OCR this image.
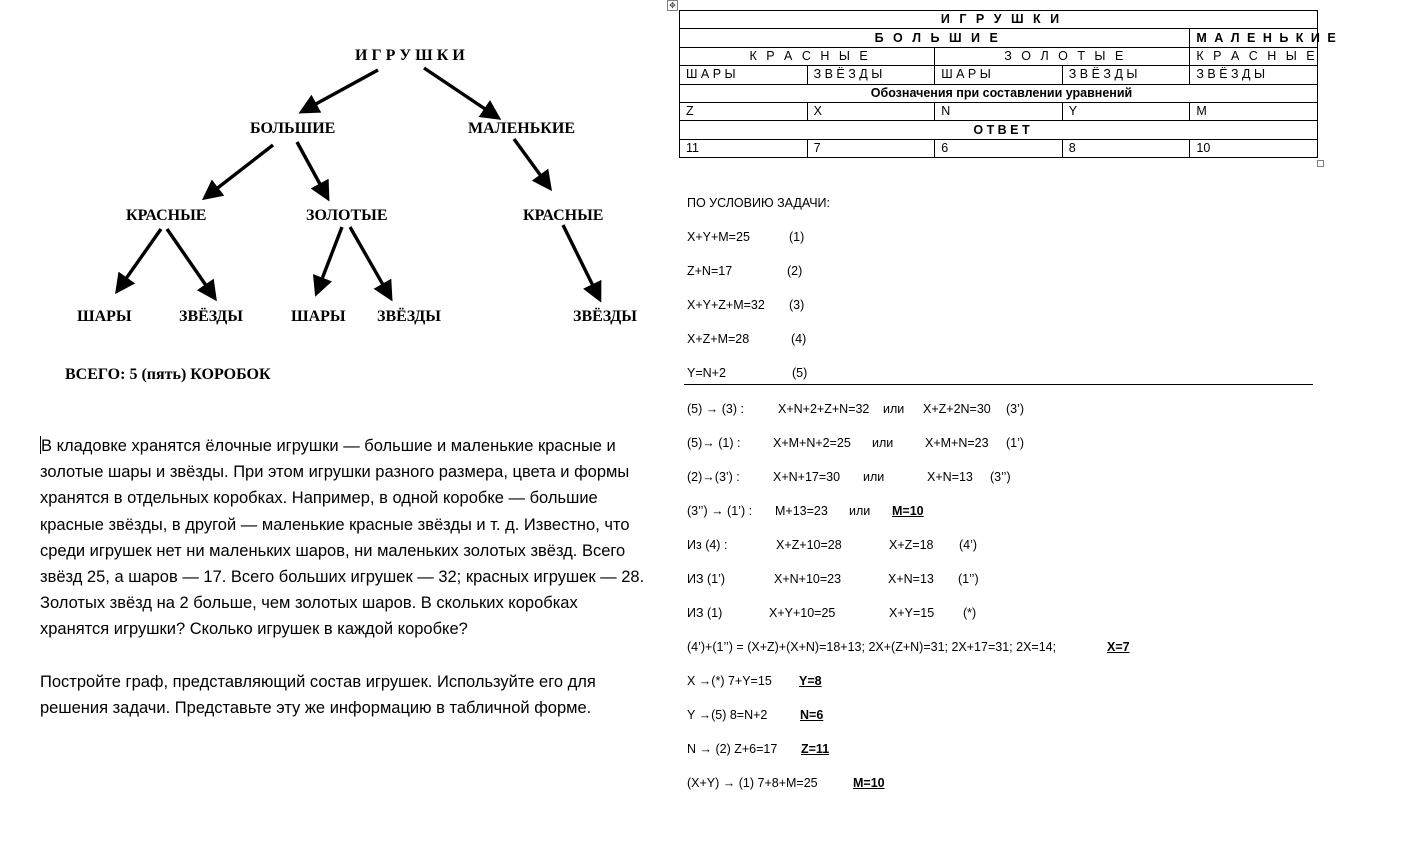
И Г Р У Ш К И
БОЛЬШИЕ	МАЛЕНЬКИЕ
КРАСНЫЕ	ЗОЛОТЫЕ	КРАСНЫЕ
ШАРЫ	ЗВЁЗДЫ	ШАРЫ ЗВЁЗДЫ	ЗВЁЗДЫ
ВСЕГО: 5 (пять) КОРОБОК

В кладовке хранятся ёлочные игрушки — большие и маленькие красные и
золотые шары и звёзды. При этом игрушки разного размера, цвета и формы
хранятся в отдельных коробках. Например, в одной коробке — большие
красные звёзды, в другой — маленькие красные звёзды и т. д. Известно, что
среди игрушек нет ни маленьких шаров, ни маленьких золотых звёзд. Всего
звёзд 25, а шаров — 17. Всего больших игрушек — 32; красных игрушек — 28.
Золотых звёзд на 2 больше, чем золотых шаров. В скольких коробках
хранятся игрушки? Сколько игрушек в каждой коробке?

Постройте граф, представляющий состав игрушек. Используйте его для
решения задачи. Представьте эту же информацию в табличной форме.

✥
И Г Р У Ш К И				
Б О Л Ь Ш И Е				М А Л Е Н Ь К И Е
К Р А С Н Ы Е		З О Л О Т Ы Е		К Р А С Н Ы Е
Ш А Р Ы	З В Ё З Д Ы	Ш А Р Ы	З В Ё З Д Ы	З В Ё З Д Ы
Обозначения при составлении уравнений				
Z	X	N	Y	M
О Т В Е Т				
11	7	6	8	10
ПО УСЛОВИЮ ЗАДАЧИ:
X+Y+M=25	(1)
Z+N=17	(2)
X+Y+Z+M=32 (3)
X+Z+M=28	(4)
Y=N+2	(5)
(5) → (3) :	X+N+2+Z+N=32 или X+Z+2N=30 (3’)
(5)→ (1) :	X+M+N+2=25 или	X+M+N=23 (1’)
(2)→(3’) :	X+N+17=30 или	X+N=13 (3’’)
(3’’) → (1’) : M+13=23 или M=10
Из (4) :	X+Z+10=28	X+Z=18 (4’)
ИЗ (1’)	X+N+10=23	X+N=13 (1’’)
ИЗ (1)	X+Y+10=25	X+Y=15 (*)
(4’)+(1’’) = (X+Z)+(X+N)=18+13; 2X+(Z+N)=31; 2X+17=31; 2X=14;	X=7
X →(*) 7+Y=15 Y=8
Y →(5) 8=N+2	N=6
N → (2) Z+6=17 Z=11
(X+Y) → (1) 7+8+M=25	M=10
